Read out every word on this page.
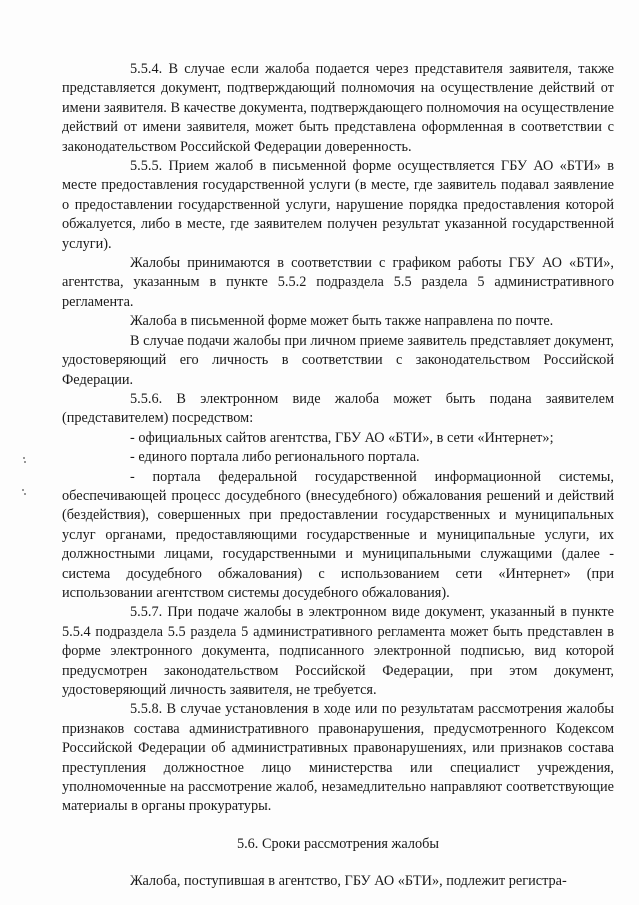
5.5.4. В случае если жалоба подается через представителя заявителя, также представляется документ, подтверждающий полномочия на осуществление действий от имени заявителя. В качестве документа, подтверждающего полномочия на осуществление действий от имени заявителя, может быть представлена оформленная в соответствии с законодательством Российской Федерации доверенность.

5.5.5. Прием жалоб в письменной форме осуществляется ГБУ АО «БТИ» в месте предоставления государственной услуги (в месте, где заявитель подавал заявление о предоставлении государственной услуги, нарушение порядка предоставления которой обжалуется, либо в месте, где заявителем получен результат указанной государственной услуги).

Жалобы принимаются в соответствии с графиком работы ГБУ АО «БТИ», агентства, указанным в пункте 5.5.2 подраздела 5.5 раздела 5 административного регламента.

Жалоба в письменной форме может быть также направлена по почте.

В случае подачи жалобы при личном приеме заявитель представляет документ, удостоверяющий его личность в соответствии с законодательством Российской Федерации.

5.5.6. В электронном виде жалоба может быть подана заявителем (представителем) посредством:

- официальных сайтов агентства, ГБУ АО «БТИ», в сети «Интернет»;

- единого портала либо регионального портала.

- портала федеральной государственной информационной системы, обеспечивающей процесс досудебного (внесудебного) обжалования решений и действий (бездействия), совершенных при предоставлении государственных и муниципальных услуг органами, предоставляющими государственные и муниципальные услуги, их должностными лицами, государственными и муниципальными служащими (далее - система досудебного обжалования) с использованием сети «Интернет» (при использовании агентством системы досудебного обжалования).

5.5.7. При подаче жалобы в электронном виде документ, указанный в пункте 5.5.4 подраздела 5.5 раздела 5 административного регламента может быть представлен в форме электронного документа, подписанного электронной подписью, вид которой предусмотрен законодательством Российской Федерации, при этом документ, удостоверяющий личность заявителя, не требуется.

5.5.8. В случае установления в ходе или по результатам рассмотрения жалобы признаков состава административного правонарушения, предусмотренного Кодексом Российской Федерации об административных правонарушениях, или признаков состава преступления должностное лицо министерства или специалист учреждения, уполномоченные на рассмотрение жалоб, незамедлительно направляют соответствующие материалы в органы прокуратуры.

5.6. Сроки рассмотрения жалобы

Жалоба, поступившая в агентство, ГБУ АО «БТИ», подлежит регистра-
